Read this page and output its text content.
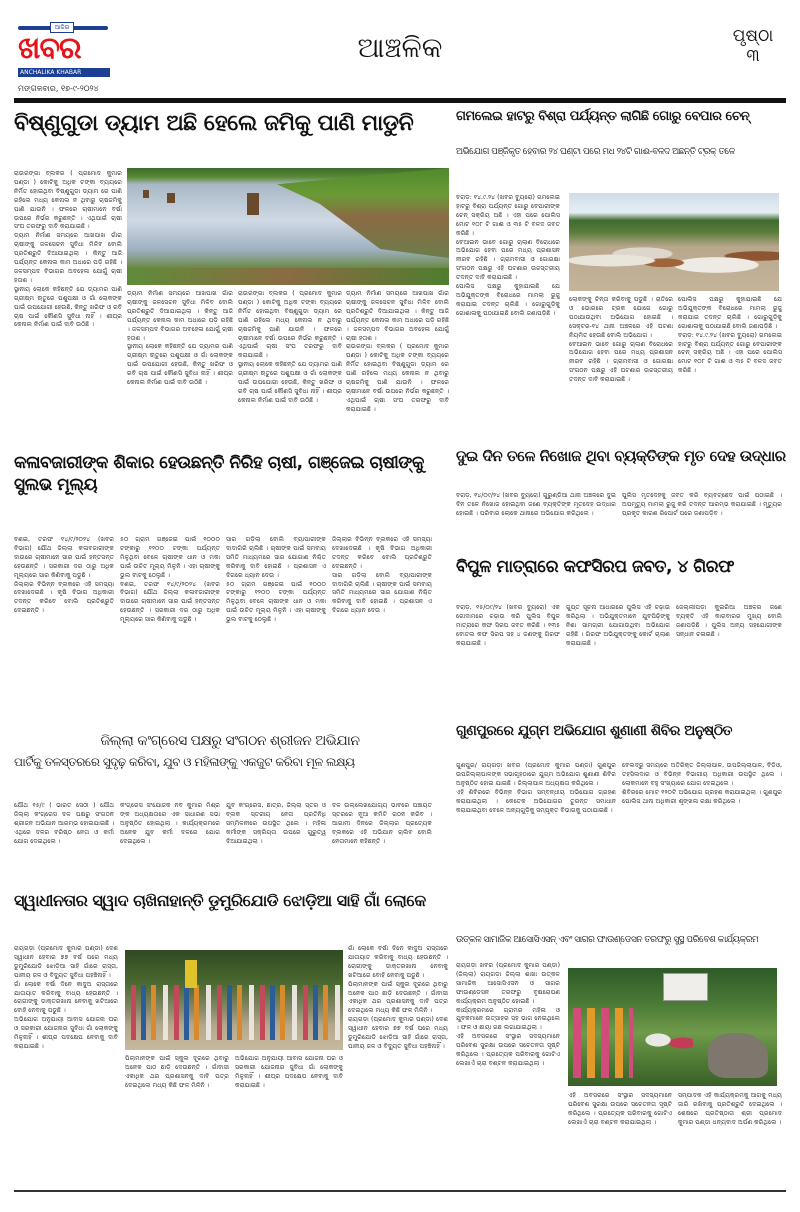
ଆଜିର
ଖବର
ANCHALIKA KHABAR
ମଙ୍ଗଳବାର, ୧୭-୯-୨୦୨୪
ଆଞ୍ଚଳିକ	ପୃଷ୍ଠା
୩
ବିଷ୍ଣୁଗୁଡା ଡ୍ୟାମ ଅଛି ହେଲେ ଜମିକୁ ପାଣି ମାଡୁନି

ରାଉରଙ୍ଗା ବ୍ଲକର ( ପ୍ରମୋଦ କୁମାର ପଣ୍ଡା ) କୋଟିକୁ ଅଧିକ ଟଙ୍କା ବ୍ୟୟରେ ନିର୍ମିତ ହୋଇଥିବା ବିଷ୍ଣୁଗୁଡା ଡ୍ୟାମ ରେ ପାଣି ରହିଲେ ମଧ୍ୟ କେନାଲ ନ ଥିବାରୁ ଚାଷଜମିକୁ ପାଣି ଯାଉନି । ଫଳରେ ଚାଷୀମାନେ ବର୍ଷା ଉପରେ ନିର୍ଭର କରୁଛନ୍ତି । ଏଥିପାଇଁ ଚାଷୀ ସଂଘ ତରଫରୁ ଦାବି କରାଯାଇଛି ।

ଡ୍ୟାମ ନିର୍ମାଣ ସମୟରେ ଆଖପାଖ ଗାଁର ଚାଷୀଙ୍କୁ ଜଳସେଚନ ସୁବିଧା ମିଳିବ ବୋଲି ପ୍ରତିଶ୍ରୁତି ଦିଆଯାଇଥିଲା । କିନ୍ତୁ ଆଜି ପର୍ଯ୍ୟନ୍ତ କେନାଲ କାମ ଅଧାରେ ପଡ଼ି ରହିଛି । ଜଳସମ୍ପଦ ବିଭାଗର ଅବହେଳା ଯୋଗୁଁ ଚାଷୀ ହତାଶ ।

ସ୍ଥାନୀୟ ଲୋକେ କହିଛନ୍ତି ଯେ ଡ୍ୟାମର ପାଣି ଗ୍ରୀଷ୍ମ ଋତୁରେ ପଶୁପକ୍ଷୀ ଓ ଗାଁ ଲୋକଙ୍କ ପାଇଁ ଉପଯୋଗୀ ହେଉଛି, କିନ୍ତୁ ଖରିଫ ଓ ରବି ଚାଷ ପାଇଁ କୌଣସି ସୁବିଧା ନାହିଁ । ଶୀଘ୍ର କେନାଲ ନିର୍ମାଣ ପାଇଁ ଦାବି ଉଠିଛି ।

ଡ୍ୟାମ ନିର୍ମାଣ ସମୟରେ ଆଖପାଖ ଗାଁର ଚାଷୀଙ୍କୁ ଜଳସେଚନ ସୁବିଧା ମିଳିବ ବୋଲି ପ୍ରତିଶ୍ରୁତି ଦିଆଯାଇଥିଲା । କିନ୍ତୁ ଆଜି ପର୍ଯ୍ୟନ୍ତ କେନାଲ କାମ ଅଧାରେ ପଡ଼ି ରହିଛି । ଜଳସମ୍ପଦ ବିଭାଗର ଅବହେଳା ଯୋଗୁଁ ଚାଷୀ ହତାଶ ।

ସ୍ଥାନୀୟ ଲୋକେ କହିଛନ୍ତି ଯେ ଡ୍ୟାମର ପାଣି ଗ୍ରୀଷ୍ମ ଋତୁରେ ପଶୁପକ୍ଷୀ ଓ ଗାଁ ଲୋକଙ୍କ ପାଇଁ ଉପଯୋଗୀ ହେଉଛି, କିନ୍ତୁ ଖରିଫ ଓ ରବି ଚାଷ ପାଇଁ କୌଣସି ସୁବିଧା ନାହିଁ । ଶୀଘ୍ର କେନାଲ ନିର୍ମାଣ ପାଇଁ ଦାବି ଉଠିଛି ।

ରାଉରଙ୍ଗା ବ୍ଲକର ( ପ୍ରମୋଦ କୁମାର ପଣ୍ଡା ) କୋଟିକୁ ଅଧିକ ଟଙ୍କା ବ୍ୟୟରେ ନିର୍ମିତ ହୋଇଥିବା ବିଷ୍ଣୁଗୁଡା ଡ୍ୟାମ ରେ ପାଣି ରହିଲେ ମଧ୍ୟ କେନାଲ ନ ଥିବାରୁ ଚାଷଜମିକୁ ପାଣି ଯାଉନି । ଫଳରେ ଚାଷୀମାନେ ବର୍ଷା ଉପରେ ନିର୍ଭର କରୁଛନ୍ତି । ଏଥିପାଇଁ ଚାଷୀ ସଂଘ ତରଫରୁ ଦାବି କରାଯାଇଛି ।

ସ୍ଥାନୀୟ ଲୋକେ କହିଛନ୍ତି ଯେ ଡ୍ୟାମର ପାଣି ଗ୍ରୀଷ୍ମ ଋତୁରେ ପଶୁପକ୍ଷୀ ଓ ଗାଁ ଲୋକଙ୍କ ପାଇଁ ଉପଯୋଗୀ ହେଉଛି, କିନ୍ତୁ ଖରିଫ ଓ ରବି ଚାଷ ପାଇଁ କୌଣସି ସୁବିଧା ନାହିଁ । ଶୀଘ୍ର କେନାଲ ନିର୍ମାଣ ପାଇଁ ଦାବି ଉଠିଛି ।

ଡ୍ୟାମ ନିର୍ମାଣ ସମୟରେ ଆଖପାଖ ଗାଁର ଚାଷୀଙ୍କୁ ଜଳସେଚନ ସୁବିଧା ମିଳିବ ବୋଲି ପ୍ରତିଶ୍ରୁତି ଦିଆଯାଇଥିଲା । କିନ୍ତୁ ଆଜି ପର୍ଯ୍ୟନ୍ତ କେନାଲ କାମ ଅଧାରେ ପଡ଼ି ରହିଛି । ଜଳସମ୍ପଦ ବିଭାଗର ଅବହେଳା ଯୋଗୁଁ ଚାଷୀ ହତାଶ ।

ରାଉରଙ୍ଗା ବ୍ଲକର ( ପ୍ରମୋଦ କୁମାର ପଣ୍ଡା ) କୋଟିକୁ ଅଧିକ ଟଙ୍କା ବ୍ୟୟରେ ନିର୍ମିତ ହୋଇଥିବା ବିଷ୍ଣୁଗୁଡା ଡ୍ୟାମ ରେ ପାଣି ରହିଲେ ମଧ୍ୟ କେନାଲ ନ ଥିବାରୁ ଚାଷଜମିକୁ ପାଣି ଯାଉନି । ଫଳରେ ଚାଷୀମାନେ ବର୍ଷା ଉପରେ ନିର୍ଭର କରୁଛନ୍ତି । ଏଥିପାଇଁ ଚାଷୀ ସଂଘ ତରଫରୁ ଦାବି କରାଯାଇଛି ।

ଗମଲେଇ ହାଟରୁ ବିଶ୍ରା ପର୍ଯ୍ୟନ୍ତ ଲାଗିଛି ଗୋରୁ ବେପାର ଚେନ୍
ଅଭିଯୋଗ ପଞ୍ଜିକୃତ ହେବାର ୨୪ ଘଣ୍ଟା ପରେ ମଧ ୨୪ଟି ଗାଈ-ବଳଦ ଅଛନ୍ତି ଟ୍ରକ୍ ତଳେ

ବରାଡ଼: ୧୪.୯.୨୪ (ଖବର ବ୍ୟୁରୋ) ଗମଲେଇ ହାଟରୁ ବିଶ୍ରା ପର୍ଯ୍ୟନ୍ତ ଗୋରୁ ବେପାରୀଙ୍କ ଚେନ୍ ସକ୍ରିୟ ଅଛି । ଏହା ପରେ ପୋଲିସ ମୋଟ ୧୦୮ ଟି ଗାଈ ଓ ୩୫ ଟି ବଳଦ ଜବତ କରିଛି ।

ବେଆଇନ ଭାବେ ଗୋରୁ ଚାଲାଣ ବିରୋଧରେ ଅଭିଯୋଗ ହେବା ପରେ ମଧ୍ୟ ପ୍ରଶାସନ ନୀରବ ରହିଛି । ଗ୍ରାମବାସୀ ଓ ଗୋରକ୍ଷା ସଂଗଠନ ପକ୍ଷରୁ ଏହି ଘଟଣାର ଉଚ୍ଚସ୍ତରୀୟ ତଦନ୍ତ ଦାବି କରାଯାଇଛି ।

ପୋଲିସ ପକ୍ଷରୁ କୁହାଯାଇଛି ଯେ ଅଭିଯୁକ୍ତଙ୍କ ବିରୋଧରେ ମାମଲା ରୁଜୁ କରାଯାଇ ତଦନ୍ତ ଚାଲିଛି । ଗୋରୁଗୁଡ଼ିକୁ ଗୋଶାଳାକୁ ପଠାଯାଇଛି ବୋଲି ଜଣାପଡ଼ିଛି ।

ଲୋକଙ୍କୁ ଚିନ୍ତା କରିବାକୁ ପଡୁଛି । ରାତିରେ ଓ ଭୋରରେ ଟ୍ରକ ଯୋଗେ ଗୋରୁ ପଠାଯାଉଥିବା ଅଭିଯୋଗ ହୋଇଛି । ସେକ୍ଟର-୧୪ ଥାନା ଅଞ୍ଚଳରେ ଏହି ଘଟଣା ନିୟମିତ ହେଉଛି ବୋଲି ଅଭିଯୋଗ ।

ବେଆଇନ ଭାବେ ଗୋରୁ ଚାଲାଣ ବିରୋଧରେ ଅଭିଯୋଗ ହେବା ପରେ ମଧ୍ୟ ପ୍ରଶାସନ ନୀରବ ରହିଛି । ଗ୍ରାମବାସୀ ଓ ଗୋରକ୍ଷା ସଂଗଠନ ପକ୍ଷରୁ ଏହି ଘଟଣାର ଉଚ୍ଚସ୍ତରୀୟ ତଦନ୍ତ ଦାବି କରାଯାଇଛି ।

ପୋଲିସ ପକ୍ଷରୁ କୁହାଯାଇଛି ଯେ ଅଭିଯୁକ୍ତଙ୍କ ବିରୋଧରେ ମାମଲା ରୁଜୁ କରାଯାଇ ତଦନ୍ତ ଚାଲିଛି । ଗୋରୁଗୁଡ଼ିକୁ ଗୋଶାଳାକୁ ପଠାଯାଇଛି ବୋଲି ଜଣାପଡ଼ିଛି ।

ବରାଡ଼: ୧୪.୯.୨୪ (ଖବର ବ୍ୟୁରୋ) ଗମଲେଇ ହାଟରୁ ବିଶ୍ରା ପର୍ଯ୍ୟନ୍ତ ଗୋରୁ ବେପାରୀଙ୍କ ଚେନ୍ ସକ୍ରିୟ ଅଛି । ଏହା ପରେ ପୋଲିସ ମୋଟ ୧୦୮ ଟି ଗାଈ ଓ ୩୫ ଟି ବଳଦ ଜବତ କରିଛି ।

ଦୁଇ ଦିନ ତଳେ ନିଖୋଜ ଥିବା ବ୍ୟକ୍ତିଙ୍କ ମୃତ ଦେହ ଉଦ୍ଧାର

ବରାଡ଼, ୧୪/୦୯/୨୪ (ଖବର ବ୍ୟୁରୋ) ଗୁରୁଣ୍ଡିଆ ଥାନା ଅଞ୍ଚଳରେ ଦୁଇ ଦିନ ତଳେ ନିଖୋଜ ହୋଇଥିବା ଜଣେ ବ୍ୟକ୍ତିଙ୍କ ମୃତଦେହ ଉଦ୍ଧାର ହୋଇଛି । ପରିବାର ଲୋକେ ଥାନାରେ ଅଭିଯୋଗ କରିଥିଲେ ।

ପୁଲିସ ମୃତଦେହକୁ ଜବତ କରି ବ୍ୟବଚ୍ଛେଦ ପାଇଁ ପଠାଇଛି । ଅପମୃତ୍ୟୁ ମାମଲା ରୁଜୁ କରି ତଦନ୍ତ ଆରମ୍ଭ କରାଯାଇଛି । ମୃତ୍ୟୁର ପ୍ରକୃତ କାରଣ ରିପୋର୍ଟ ପରେ ଜଣାପଡ଼ିବ ।

କଳାବଜାରୀଙ୍କ ଶିକାର ହେଉଛନ୍ତି ନିରିହ ଚାଷୀ, ଗଞ୍ଜେଇ ଚାଷୀଙ୍କୁ ସୁଲଭ ମୂଲ୍ୟ

ବଣଇ, ତରଫ ୧୪/୯/୨୦୨୪ (ଖବର ବିଭାଗ) ଯୌଥ ଜିଲ୍ଲା କଳାବଜାରୀଙ୍କ ଦାଉରେ ଚାଷୀମାନେ ସାର ପାଇଁ ହନ୍ତସନ୍ତ ହେଉଛନ୍ତି । ସରକାରୀ ଦର ଠାରୁ ଅଧିକ ମୂଲ୍ୟରେ ସାର କିଣିବାକୁ ପଡୁଛି ।

ଜିଲ୍ଲାର ବିଭିନ୍ନ ବ୍ଲକରେ ଏହି ସମସ୍ୟା ଦେଖାଦେଇଛି । କୃଷି ବିଭାଗ ଅଧିକାରୀ ତଦନ୍ତ କରିବେ ବୋଲି ପ୍ରତିଶ୍ରୁତି ଦେଇଛନ୍ତି ।

୫୦ ଗ୍ରାମ ଗଞ୍ଜେଇ ପାଇଁ ୧୦୦୦ ଟଙ୍କାରୁ ୧୨୦୦ ଟଙ୍କା ପର୍ଯ୍ୟନ୍ତ ମିଳୁଥିବା ବେଳେ ଚାଷୀଙ୍କ ଧାନ ଓ ମକା ପାଇଁ ଉଚିତ ମୂଲ୍ୟ ମିଳୁନି । ଏହା ଚାଷୀଙ୍କୁ ଭୁଲ ବାଟକୁ ଠେଲୁଛି ।

ବଣଇ, ତରଫ ୧୪/୯/୨୦୨୪ (ଖବର ବିଭାଗ) ଯୌଥ ଜିଲ୍ଲା କଳାବଜାରୀଙ୍କ ଦାଉରେ ଚାଷୀମାନେ ସାର ପାଇଁ ହନ୍ତସନ୍ତ ହେଉଛନ୍ତି । ସରକାରୀ ଦର ଠାରୁ ଅଧିକ ମୂଲ୍ୟରେ ସାର କିଣିବାକୁ ପଡୁଛି ।

ସାର ଗଡ଼ିଲା ବୋଲି ବ୍ୟାପାରୀଙ୍କ ଦାଦାଗିରି ଚାଲିଛି । ଚାଷୀଙ୍କ ପାଇଁ ସମବାୟ ସମିତି ମାଧ୍ୟମରେ ସାର ଯୋଗାଣ ନିଶ୍ଚିତ କରିବାକୁ ଦାବି ହୋଇଛି । ପ୍ରଶାସନ ଏ ଦିଗରେ ଧ୍ୟାନ ଦେଉ ।

୫୦ ଗ୍ରାମ ଗଞ୍ଜେଇ ପାଇଁ ୧୦୦୦ ଟଙ୍କାରୁ ୧୨୦୦ ଟଙ୍କା ପର୍ଯ୍ୟନ୍ତ ମିଳୁଥିବା ବେଳେ ଚାଷୀଙ୍କ ଧାନ ଓ ମକା ପାଇଁ ଉଚିତ ମୂଲ୍ୟ ମିଳୁନି । ଏହା ଚାଷୀଙ୍କୁ ଭୁଲ ବାଟକୁ ଠେଲୁଛି ।

ଜିଲ୍ଲାର ବିଭିନ୍ନ ବ୍ଲକରେ ଏହି ସମସ୍ୟା ଦେଖାଦେଇଛି । କୃଷି ବିଭାଗ ଅଧିକାରୀ ତଦନ୍ତ କରିବେ ବୋଲି ପ୍ରତିଶ୍ରୁତି ଦେଇଛନ୍ତି ।

ସାର ଗଡ଼ିଲା ବୋଲି ବ୍ୟାପାରୀଙ୍କ ଦାଦାଗିରି ଚାଲିଛି । ଚାଷୀଙ୍କ ପାଇଁ ସମବାୟ ସମିତି ମାଧ୍ୟମରେ ସାର ଯୋଗାଣ ନିଶ୍ଚିତ କରିବାକୁ ଦାବି ହୋଇଛି । ପ୍ରଶାସନ ଏ ଦିଗରେ ଧ୍ୟାନ ଦେଉ ।

ବିପୁଳ ମାତ୍ରାରେ କଫସିରପ ଜବତ, ୪ ଗିରଫ

ବରାଡ଼, ୧୫/୦୯/୨୪ (ଖବର ବ୍ୟୁରୋ) ଏକ ଗୋଦାମରେ ଚଢ଼ାଉ କରି ପୁଲିସ ବିପୁଳ ମାତ୍ରାରେ କଫ ସିରପ ଜବତ କରିଛି । ୧୩୫ ବୋତଲ କଫ ସିରପ ସହ ୪ ଜଣଙ୍କୁ ଗିରଫ କରାଯାଇଛି ।

ଗୁପ୍ତ ସୂଚନା ଆଧାରରେ ପୁଲିସ ଏହି ଚଢ଼ାଉ କରିଥିଲା । ଅଭିଯୁକ୍ତମାନେ ଯୁବପିଢ଼ିଙ୍କୁ ନିଶା ସାମଗ୍ରୀ ଯୋଗାଉଥିବା ଅଭିଯୋଗ ରହିଛି । ଗିରଫ ଅଭିଯୁକ୍ତଙ୍କୁ କୋର୍ଟ ଚାଲାଣ କରାଯାଇଛି ।

ଜେଲ୍ଲୀପଡ଼ା କୁଇରିଆ ଅଞ୍ଚଳର ଜଣେ ବ୍ୟକ୍ତି ଏହି କାରବାରର ମୁଖ୍ୟ ବୋଲି ଜଣାପଡ଼ିଛି । ପୁଲିସ ଅନ୍ୟ ସହଯୋଗୀଙ୍କ ସନ୍ଧାନ ଚଳାଇଛି ।

ଗୁଣପୁରରେ ଯୁଗ୍ମ ଅଭିଯୋଗ ଶୁଣାଣୀ ଶିବିର ଅନୁଷ୍ଠିତ

ଗୁଣପୁର/ ରାୟଗଡ଼ା ଖବର (ପ୍ରମୋଦ କୁମାର ପଣ୍ଡା) ଗୁଣପୁର ଉପଜିଲ୍ଲାପାଳଙ୍କ ସଭାଗୃହଠାରେ ଯୁଗ୍ମ ଅଭିଯୋଗ ଶୁଣାଣୀ ଶିବିର ଅନୁଷ୍ଠିତ ହୋଇ ଯାଇଛି । ଜିଲ୍ଲାପାଳ ଅଧ୍ୟକ୍ଷତା କରିଥିଲେ ।

ଏହି ଶିବିରରେ ବିଭିନ୍ନ ବିଭାଗ ସମ୍ବନ୍ଧୀୟ ଅଭିଯୋଗ ଗ୍ରହଣ କରାଯାଇଥିଲା । କେତେକ ଅଭିଯୋଗର ତୁରନ୍ତ ସମାଧାନ କରାଯାଇଥିବା ବେଳେ ଅନ୍ୟଗୁଡ଼ିକୁ ସମ୍ପୃକ୍ତ ବିଭାଗକୁ ପଠାଯାଇଛି ।

ବେଲଦ୍ରୁ ସମୟରେ ଅତିରିକ୍ତ ଜିଲ୍ଲାପାଳ, ଉପଜିଲ୍ଲାପାଳ, ବିଡିଓ, ତହସିଲଦାର ଓ ବିଭିନ୍ନ ବିଭାଗୀୟ ଅଧିକାରୀ ଉପସ୍ଥିତ ଥିଲେ । ଲୋକମାନେ ବହୁ ସଂଖ୍ୟାରେ ଯୋଗ ଦେଇଥିଲେ ।

ଶିବିରରେ ମୋଟ ୧୨୦ଟି ଅଭିଯୋଗ ଗ୍ରହଣ କରାଯାଇଥିଲା । ଗୁଣପୁର ପୋଲିସ ଥାନା ଅଧିକାରୀ ଶୃଙ୍ଖଳା ରକ୍ଷା କରିଥିଲେ ।

ଜିଲ୍ଲା କଂଗ୍ରେସ ପକ୍ଷରୁ ସଂଗଠନ ଶ୍ରୀଜନ ଅଭିଯାନ
ପାର୍ଟିକୁ ତଳସ୍ତରରେ ସୁଦୃଢ଼ କରିବା, ଯୁବ ଓ ମହିଳାଙ୍କୁ ଏକଜୁଟ କରିବା ମୂଳ ଲକ୍ଷ୍ୟ

ଯୌଥ ୧୫/୯ ( ଭାରତ ସେଠୀ ) ଯୌଥ ଜିଲ୍ଲା କଂଗ୍ରେସ ଦଳ ପକ୍ଷରୁ ସଂଗଠନ ଶ୍ରୀଜନ ଅଭିଯାନ ଆରମ୍ଭ ହୋଇଯାଇଛି । ଏଥିରେ ଦଳର ବରିଷ୍ଠ ନେତା ଓ କର୍ମୀ ଯୋଗ ଦେଇଥିଲେ ।

କଂଗ୍ରେସ ସଂଯୋଜକ ନବ କୁମାର ମିଶ୍ର ଙ୍କ ଅଧ୍ୟକ୍ଷତାରେ ଏକ ସାଧାରଣ ସଭା ଅନୁଷ୍ଠିତ ହୋଇଥିଲା । କାର୍ଯ୍ୟକ୍ରମରେ ଅନେକ ଯୁବ କର୍ମୀ ଦଳରେ ଯୋଗ ଦେଇଥିଲେ ।

ଯୁବ କଂଗ୍ରେସ, ଛାତ୍ର, ଜିଲ୍ଲା ସ୍ତର ଓ ବ୍ଲକ ସ୍ତରୀୟ ନେତା ପ୍ରତିନିଧି ସମ୍ମିଳନୀରେ ଉପସ୍ଥିତ ଥିଲେ । ମହିଳା କର୍ମୀଙ୍କ ସକ୍ରିୟତା ଉପରେ ଗୁରୁତ୍ୱ ଦିଆଯାଇଥିଲା ।

ଦଳ ଉଲ୍ଲେଖଯୋଗ୍ୟ ଭାବରେ ପଞ୍ଚାୟତ ସ୍ତରରେ ନୂଆ କମିଟି ଗଠନ କରିବ । ଆଗାମୀ ଦିନରେ ଜିଲ୍ଲାର ପ୍ରତ୍ୟେକ ବ୍ଲକରେ ଏହି ଅଭିଯାନ ଚାଲିବ ବୋଲି ନେତାମାନେ କହିଛନ୍ତି ।

ସ୍ୱାଧୀନତାର ସ୍ୱାଦ ଚାଖିନାହାନ୍ତି ଡୁମୁରିଯୋଡି ଝୋଡ଼ିଆ ସାହି ଗାଁ ଲୋକେ

ରାୟଗଡ଼ା (ପ୍ରମୋଦ କୁମାର ପଣ୍ଡା) ଦେଶ ସ୍ୱାଧୀନ ହେବାର ୭୭ ବର୍ଷ ପରେ ମଧ୍ୟ ଡୁମୁରିଯୋଡି ଝୋଡ଼ିଆ ସାହି ଗାଁରେ ରାସ୍ତା, ପାନୀୟ ଜଳ ଓ ବିଦ୍ୟୁତ ସୁବିଧା ପହଞ୍ଚିନାହିଁ ।

ଗାଁ ଲୋକେ ବର୍ଷା ଦିନେ କାଦୁଅ ରାସ୍ତାରେ ଯାତାୟାତ କରିବାକୁ ବାଧ୍ୟ ହେଉଛନ୍ତି । ରୋଗୀଙ୍କୁ ଡାକ୍ତରଖାନା ନେବାକୁ ଖଟିଆରେ ବୋହି ନେବାକୁ ପଡୁଛି ।

ଅଭିଯୋଗ ଅନୁଯାୟୀ ଆବାସ ଯୋଜନା ଘର ଓ ସରକାରୀ ଯୋଜନାର ସୁବିଧା ଗାଁ ଲୋକଙ୍କୁ ମିଳୁନାହିଁ । ଶୀଘ୍ର ପଦକ୍ଷେପ ନେବାକୁ ଦାବି କରାଯାଇଛି ।

ପିଲାମାନଙ୍କ ପାଇଁ ସ୍କୁଲ ଦୂରରେ ଥିବାରୁ ଅନେକ ପାଠ ଛାଡ଼ି ଦେଉଛନ୍ତି । ଗାଁବାସୀ ଏକାଧିକ ଥର ପ୍ରଶାସନକୁ ଦାବି ପତ୍ର ଦେଇଥିଲେ ମଧ୍ୟ କିଛି ଫଳ ମିଳିନି ।

ଅଭିଯୋଗ ଅନୁଯାୟୀ ଆବାସ ଯୋଜନା ଘର ଓ ସରକାରୀ ଯୋଜନାର ସୁବିଧା ଗାଁ ଲୋକଙ୍କୁ ମିଳୁନାହିଁ । ଶୀଘ୍ର ପଦକ୍ଷେପ ନେବାକୁ ଦାବି କରାଯାଇଛି ।

ଗାଁ ଲୋକେ ବର୍ଷା ଦିନେ କାଦୁଅ ରାସ୍ତାରେ ଯାତାୟାତ କରିବାକୁ ବାଧ୍ୟ ହେଉଛନ୍ତି । ରୋଗୀଙ୍କୁ ଡାକ୍ତରଖାନା ନେବାକୁ ଖଟିଆରେ ବୋହି ନେବାକୁ ପଡୁଛି ।

ପିଲାମାନଙ୍କ ପାଇଁ ସ୍କୁଲ ଦୂରରେ ଥିବାରୁ ଅନେକ ପାଠ ଛାଡ଼ି ଦେଉଛନ୍ତି । ଗାଁବାସୀ ଏକାଧିକ ଥର ପ୍ରଶାସନକୁ ଦାବି ପତ୍ର ଦେଇଥିଲେ ମଧ୍ୟ କିଛି ଫଳ ମିଳିନି ।

ରାୟଗଡ଼ା (ପ୍ରମୋଦ କୁମାର ପଣ୍ଡା) ଦେଶ ସ୍ୱାଧୀନ ହେବାର ୭୭ ବର୍ଷ ପରେ ମଧ୍ୟ ଡୁମୁରିଯୋଡି ଝୋଡ଼ିଆ ସାହି ଗାଁରେ ରାସ୍ତା, ପାନୀୟ ଜଳ ଓ ବିଦ୍ୟୁତ ସୁବିଧା ପହଞ୍ଚିନାହିଁ ।

ଉତ୍କଳ ସାମାଜିକ ଆସୋସିଏସନ୍ ଏବଂ ସାଗର ଫାଉଣ୍ଡେସନ ତରଫରୁ ସୁସ୍ଥ ପରିବେଶ କାର୍ଯ୍ୟକ୍ରମ

ରାୟଗଡ଼ା ଖବର (ପ୍ରମୋଦ କୁମାର ପଣ୍ଡା) (ଜିଲ୍ଲା) ରାୟଗଡ଼ା ଜିଲ୍ଲା ଶାଖା ଉତ୍କଳ ସାମାଜିକ ଆସୋସିଏସନ ଓ ସାଗର ଫାଉଣ୍ଡେସନ ତରଫରୁ ବୃକ୍ଷରୋପଣ କାର୍ଯ୍ୟକ୍ରମ ଅନୁଷ୍ଠିତ ହୋଇଛି ।

କାର୍ଯ୍ୟକ୍ରମରେ ଗ୍ରାମର ମହିଳା ଓ ଯୁବକମାନେ ଉତ୍ସାହର ସହ ଭାଗ ନେଇଥିଲେ । ଫଳ ଓ ଛାୟା ଗଛ ଲଗାଯାଇଥିଲା ।

ଏହି ଅବସରରେ ସଂସ୍ଥାର ସଦସ୍ୟମାନେ ପରିବେଶ ସୁରକ୍ଷା ଉପରେ ସଚେତନତା ସୃଷ୍ଟି କରିଥିଲେ । ପ୍ରତ୍ୟେକ ପରିବାରକୁ ଗୋଟିଏ ଲେଖାଏଁ ଚାରା ବଣ୍ଟନ କରାଯାଇଥିଲା ।

ଏହି ଅବସରରେ ସଂସ୍ଥାର ସଦସ୍ୟମାନେ ପରିବେଶ ସୁରକ୍ଷା ଉପରେ ସଚେତନତା ସୃଷ୍ଟି କରିଥିଲେ । ପ୍ରତ୍ୟେକ ପରିବାରକୁ ଗୋଟିଏ ଲେଖାଏଁ ଚାରା ବଣ୍ଟନ କରାଯାଇଥିଲା ।

ସମ୍ପାଦକ ଏହି କାର୍ଯ୍ୟକ୍ରମକୁ ଆଗକୁ ମଧ୍ୟ ଜାରି ରଖିବାକୁ ପ୍ରତିଶ୍ରୁତି ଦେଇଥିଲେ । ଶେଷରେ ପ୍ରତିଷ୍ଠାତା ଶ୍ରୀ ପ୍ରମୋଦ କୁମାର ପଣ୍ଡା ଧନ୍ୟବାଦ ଅର୍ପଣ କରିଥିଲେ ।
